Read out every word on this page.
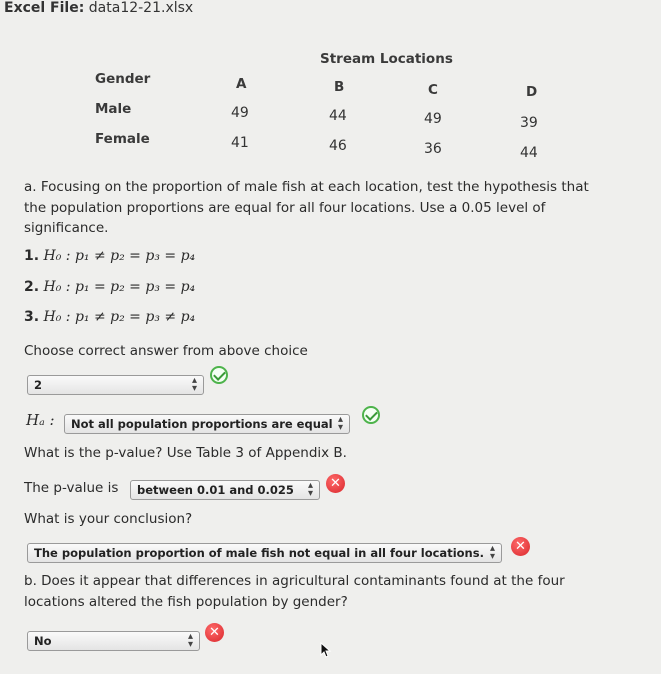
Excel File: data12-21.xlsx
Stream Locations
Gender	A	B	C	D
Male	49	44	49	39
Female	41	46	36	44
a. Focusing on the proportion of male fish at each location, test the hypothesis that
the population proportions are equal for all four locations. Use a 0.05 level of
significance.
1. H₀ : p₁ ≠ p₂ = p₃ = p₄
2. H₀ : p₁ = p₂ = p₃ = p₄
3. H₀ : p₁ ≠ p₂ = p₃ ≠ p₄
Choose correct answer from above choice
2	▴
▾
Hₐ :	Not all population proportions are equal ▴
▾
What is the p-value? Use Table 3 of Appendix B.
The p-value is	between 0.01 and 0.025 ▴
▾
✕
What is your conclusion?
The population proportion of male fish not equal in all four locations. ▴
▾
✕
b. Does it appear that differences in agricultural contaminants found at the four
locations altered the fish population by gender?
No	▴
▾
✕
